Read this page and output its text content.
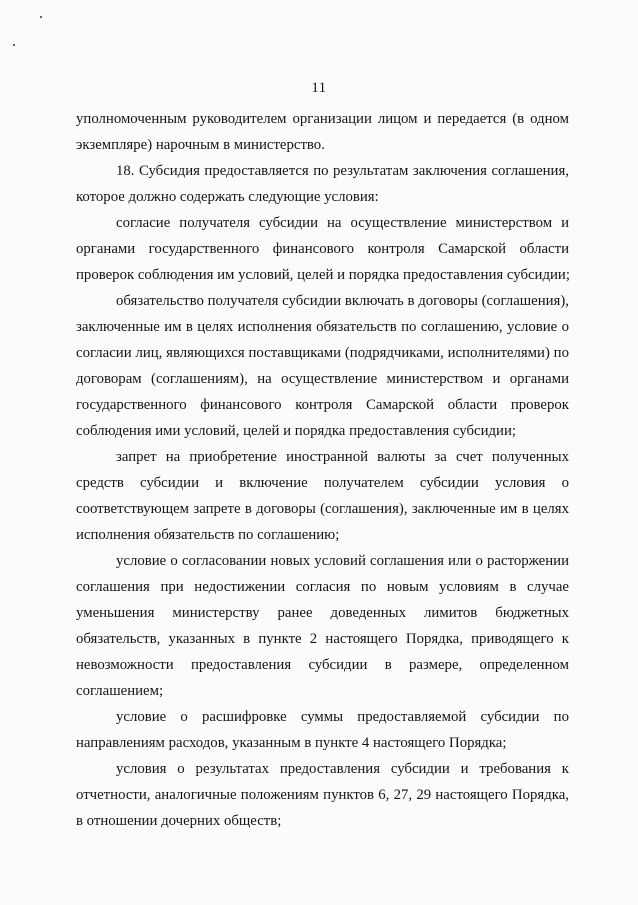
11
уполномоченным руководителем организации лицом и передается (в одном
экземпляре) нарочным в министерство.
18. Субсидия предоставляется по результатам заключения соглашения,
которое должно содержать следующие условия:
согласие получателя субсидии на осуществление министерством и
органами государственного финансового контроля Самарской области
проверок соблюдения им условий, целей и порядка предоставления субсидии;
обязательство получателя субсидии включать в договоры (соглашения),
заключенные им в целях исполнения обязательств по соглашению, условие о
согласии лиц, являющихся поставщиками (подрядчиками, исполнителями) по
договорам (соглашениям), на осуществление министерством и органами
государственного финансового контроля Самарской области проверок
соблюдения ими условий, целей и порядка предоставления субсидии;
запрет на приобретение иностранной валюты за счет полученных
средств субсидии и включение получателем субсидии условия о
соответствующем запрете в договоры (соглашения), заключенные им в целях
исполнения обязательств по соглашению;
условие о согласовании новых условий соглашения или о расторжении
соглашения при недостижении согласия по новым условиям в случае
уменьшения министерству ранее доведенных лимитов бюджетных
обязательств, указанных в пункте 2 настоящего Порядка, приводящего к
невозможности предоставления субсидии в размере, определенном
соглашением;
условие о расшифровке суммы предоставляемой субсидии по
направлениям расходов, указанным в пункте 4 настоящего Порядка;
условия о результатах предоставления субсидии и требования к
отчетности, аналогичные положениям пунктов 6, 27, 29 настоящего Порядка,
в отношении дочерних обществ;
